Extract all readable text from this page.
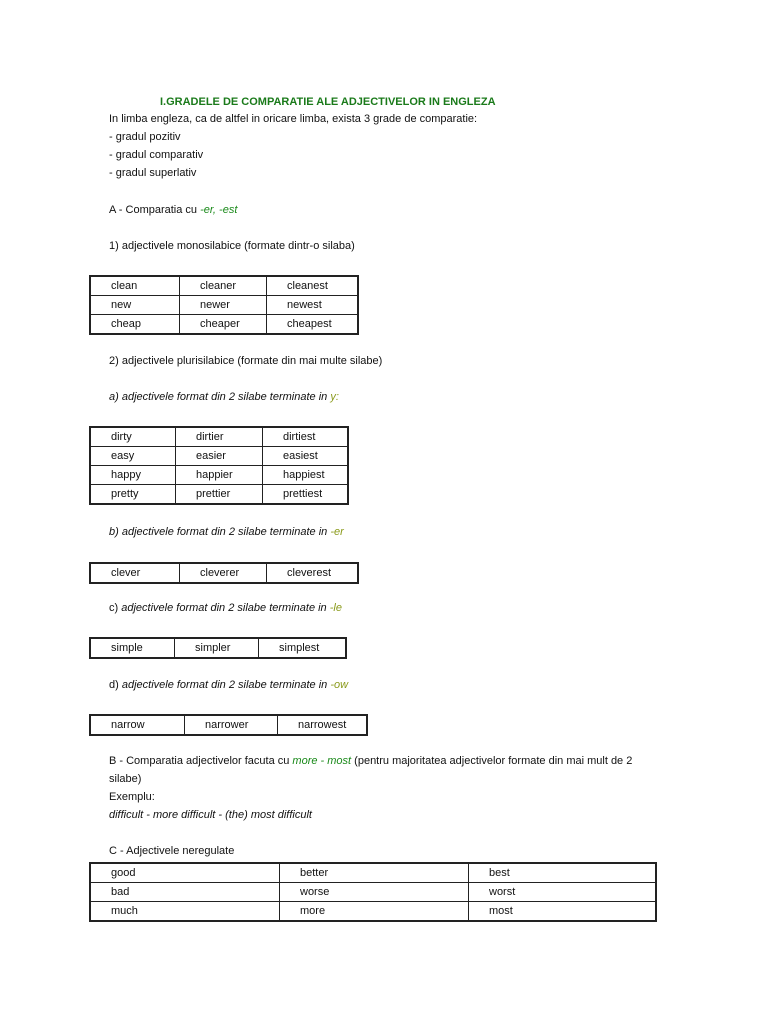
I.GRADELE DE COMPARATIE ALE ADJECTIVELOR IN ENGLEZA
In limba engleza, ca de altfel in oricare limba, exista 3 grade de comparatie:
- gradul pozitiv
- gradul comparativ
- gradul superlativ
A - Comparatia cu -er, -est
1) adjectivele monosilabice (formate dintr-o silaba)
clean	cleaner	cleanest
new	newer	newest
cheap	cheaper	cheapest
2) adjectivele plurisilabice (formate din mai multe silabe)
a) adjectivele format din 2 silabe terminate in y:
dirty	dirtier	dirtiest
easy	easier	easiest
happy	happier	happiest
pretty	prettier	prettiest
b) adjectivele format din 2 silabe terminate in -er
clever	cleverer	cleverest
c) adjectivele format din 2 silabe terminate in -le
simple	simpler	simplest
d) adjectivele format din 2 silabe terminate in -ow
narrow	narrower	narrowest
B - Comparatia adjectivelor facuta cu more - most (pentru majoritatea adjectivelor formate din mai mult de 2 silabe)
Exemplu:
difficult - more difficult - (the) most difficult
C - Adjectivele neregulate
good	better	best
bad	worse	worst
much	more	most
